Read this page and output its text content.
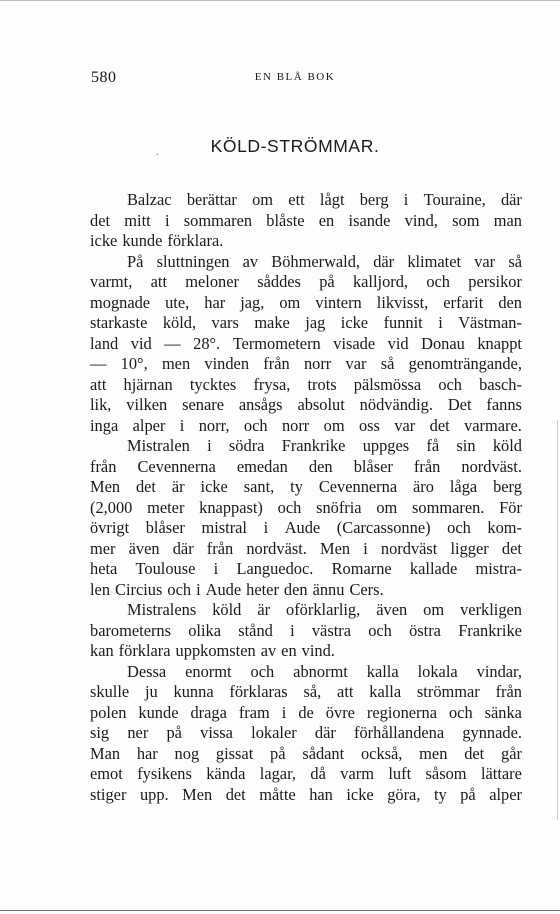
580	EN BLÅ BOK
.	KÖLD-STRÖMMAR.
Balzac berättar om ett lågt berg i Touraine, där
det mitt i sommaren blåste en isande vind, som man
icke kunde förklara.
På sluttningen av Böhmerwald, där klimatet var så
varmt, att meloner såddes på kalljord, och persikor
mognade ute, har jag, om vintern likvisst, erfarit den
starkaste köld, vars make jag icke funnit i Västman-
land vid — 28°. Termometern visade vid Donau knappt
— 10°, men vinden från norr var så genomträngande,
att hjärnan tycktes frysa, trots pälsmössa och basch-
lik, vilken senare ansågs absolut nödvändig. Det fanns
inga alper i norr, och norr om oss var det varmare.
Mistralen i södra Frankrike uppges få sin köld
från Cevennerna emedan den blåser från nordväst.
Men det är icke sant, ty Cevennerna äro låga berg
(2,000 meter knappast) och snöfria om sommaren. För
övrigt blåser mistral i Aude (Carcassonne) och kom-
mer även där från nordväst. Men i nordväst ligger det
heta Toulouse i Languedoc. Romarne kallade mistra-
len Circius och i Aude heter den ännu Cers.
Mistralens köld är oförklarlig, även om verkligen
barometerns olika stånd i västra och östra Frankrike
kan förklara uppkomsten av en vind.
Dessa enormt och abnormt kalla lokala vindar,
skulle ju kunna förklaras så, att kalla strömmar från
polen kunde draga fram i de övre regionerna och sänka
sig ner på vissa lokaler där förhållandena gynnade.
Man har nog gissat på sådant också, men det går
emot fysikens kända lagar, då varm luft såsom lättare
stiger upp. Men det måtte han icke göra, ty på alper
